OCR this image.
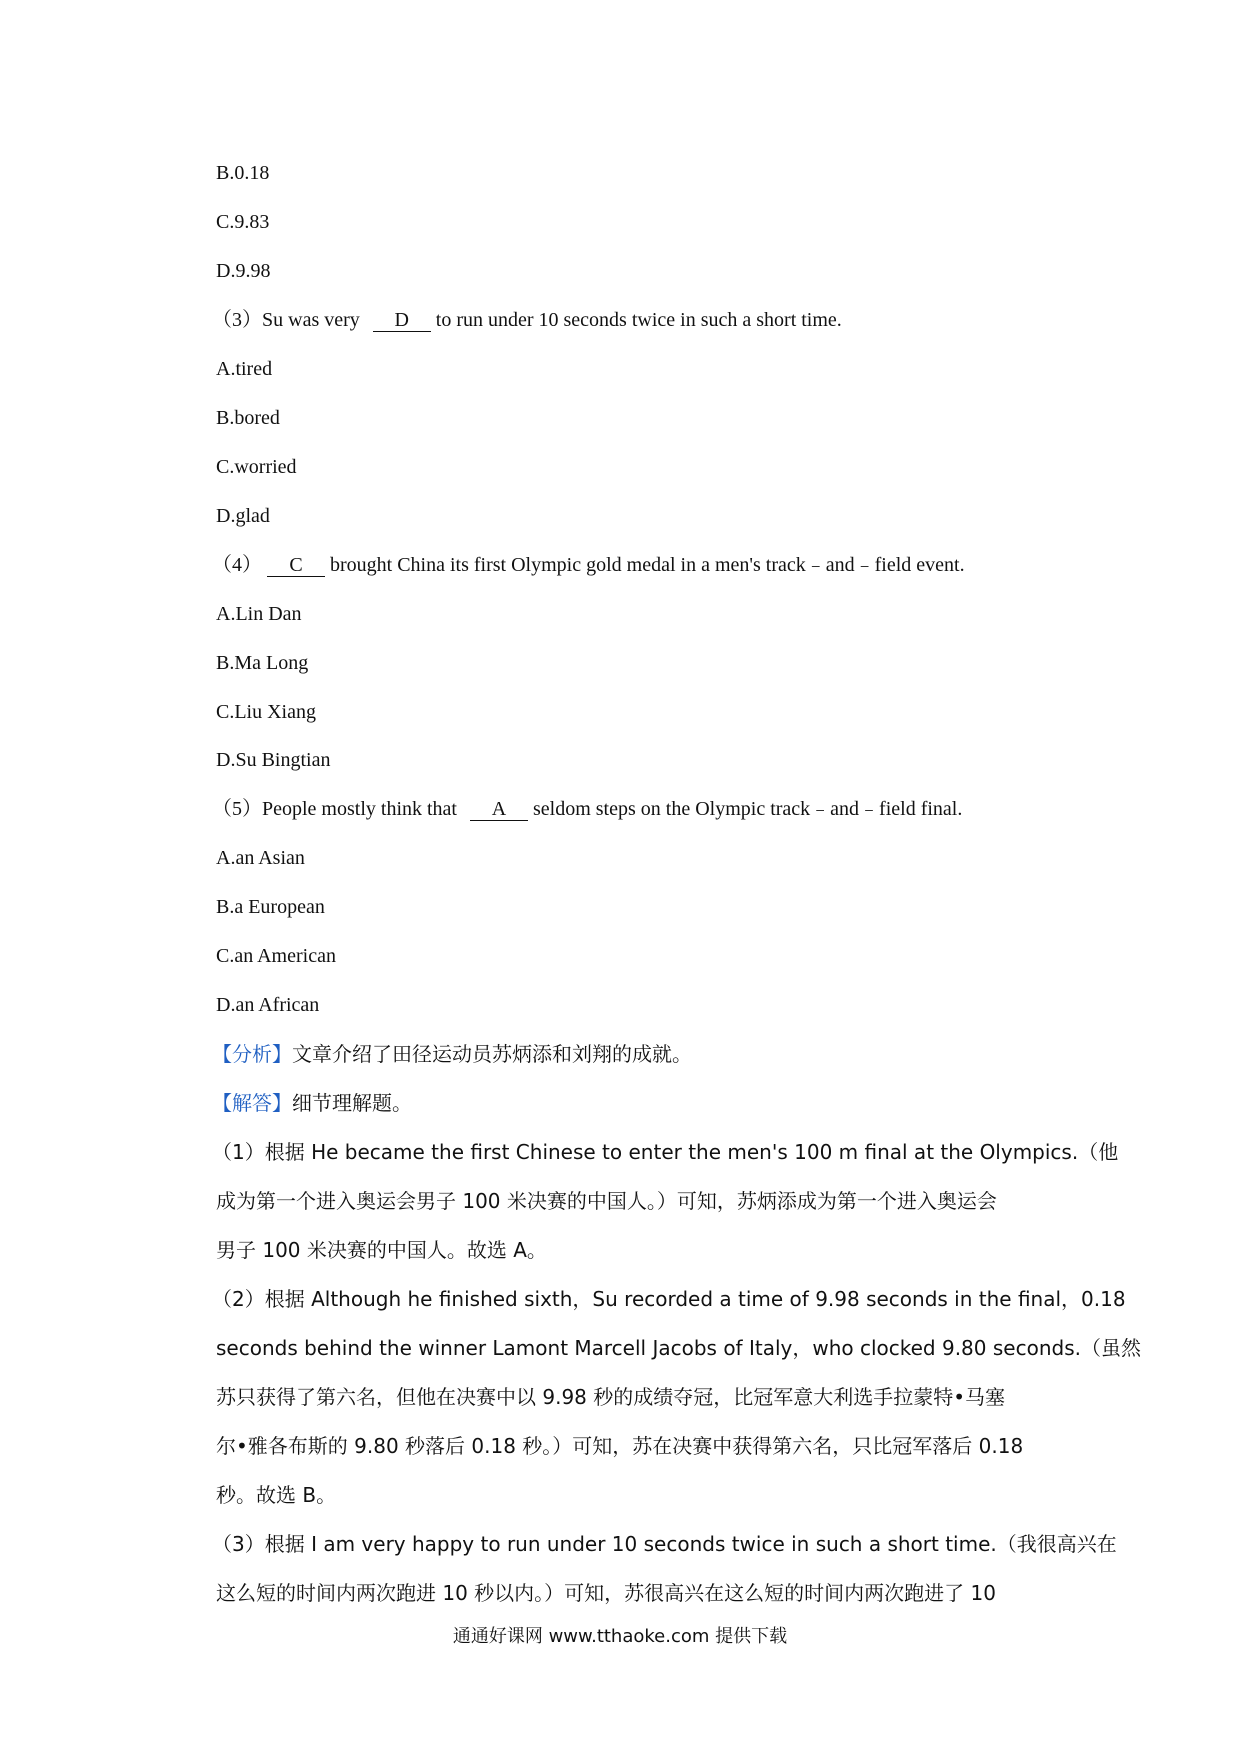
B.0.18
C.9.83
D.9.98
（3）Su was very D to run under 10 seconds twice in such a short time.
A.tired
B.bored
C.worried
D.glad
（4） C brought China its first Olympic gold medal in a men's track﹣and﹣field event.
A.Lin Dan
B.Ma Long
C.Liu Xiang
D.Su Bingtian
（5）People mostly think that A seldom steps on the Olympic track﹣and﹣field final.
A.an Asian
B.a European
C.an American
D.an African
【分析】文章介绍了田径运动员苏炳添和刘翔的成就。
【解答】细节理解题。
（1）根据 He became the first Chinese to enter the men's 100 m final at the Olympics.（他
成为第一个进入奥运会男子 100 米决赛的中国人。）可知，苏炳添成为第一个进入奥运会
男子 100 米决赛的中国人。故选 A。
（2）根据 Although he finished sixth，Su recorded a time of 9.98 seconds in the final，0.18
seconds behind the winner Lamont Marcell Jacobs of Italy，who clocked 9.80 seconds.（虽然
苏只获得了第六名，但他在决赛中以 9.98 秒的成绩夺冠，比冠军意大利选手拉蒙特•马塞
尔•雅各布斯的 9.80 秒落后 0.18 秒。）可知，苏在决赛中获得第六名，只比冠军落后 0.18
秒。故选 B。
（3）根据 I am very happy to run under 10 seconds twice in such a short time.（我很高兴在
这么短的时间内两次跑进 10 秒以内。）可知，苏很高兴在这么短的时间内两次跑进了 10
通通好课网 www.tthaoke.com 提供下载
